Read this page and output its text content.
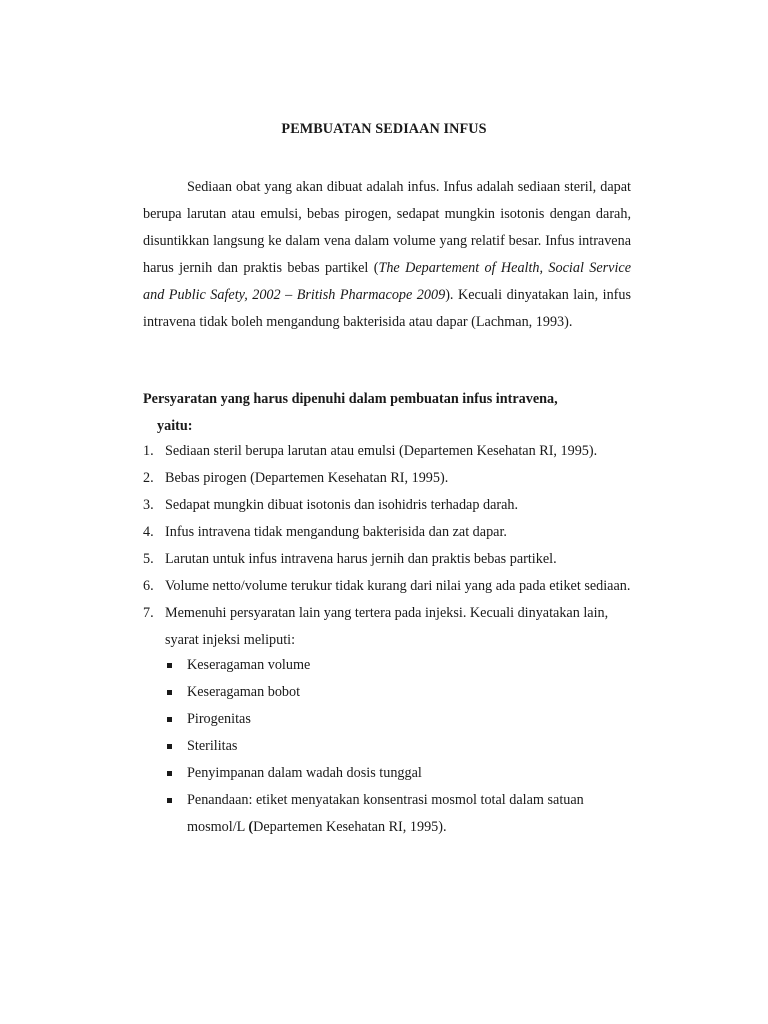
PEMBUATAN SEDIAAN INFUS

Sediaan obat yang akan dibuat adalah infus. Infus adalah sediaan steril, dapat berupa larutan atau emulsi, bebas pirogen, sedapat mungkin isotonis dengan darah, disuntikkan langsung ke dalam vena dalam volume yang relatif besar. Infus intravena harus jernih dan praktis bebas partikel (The Departement of Health, Social Service and Public Safety, 2002 – British Pharmacope 2009). Kecuali dinyatakan lain, infus intravena tidak boleh mengandung bakterisida atau dapar (Lachman, 1993).

Persyaratan yang harus dipenuhi dalam pembuatan infus intravena,
yaitu:

1. Sediaan steril berupa larutan atau emulsi (Departemen Kesehatan RI, 1995).
2. Bebas pirogen (Departemen Kesehatan RI, 1995).
3. Sedapat mungkin dibuat isotonis dan isohidris terhadap darah.
4. Infus intravena tidak mengandung bakterisida dan zat dapar.
5. Larutan untuk infus intravena harus jernih dan praktis bebas partikel.
6. Volume netto/volume terukur tidak kurang dari nilai yang ada pada etiket sediaan.
7. Memenuhi persyaratan lain yang tertera pada injeksi. Kecuali dinyatakan lain,
syarat injeksi meliputi:
Keseragaman volume
Keseragaman bobot
Pirogenitas
Sterilitas
Penyimpanan dalam wadah dosis tunggal
Penandaan: etiket menyatakan konsentrasi mosmol total dalam satuan
mosmol/L (Departemen Kesehatan RI, 1995).
